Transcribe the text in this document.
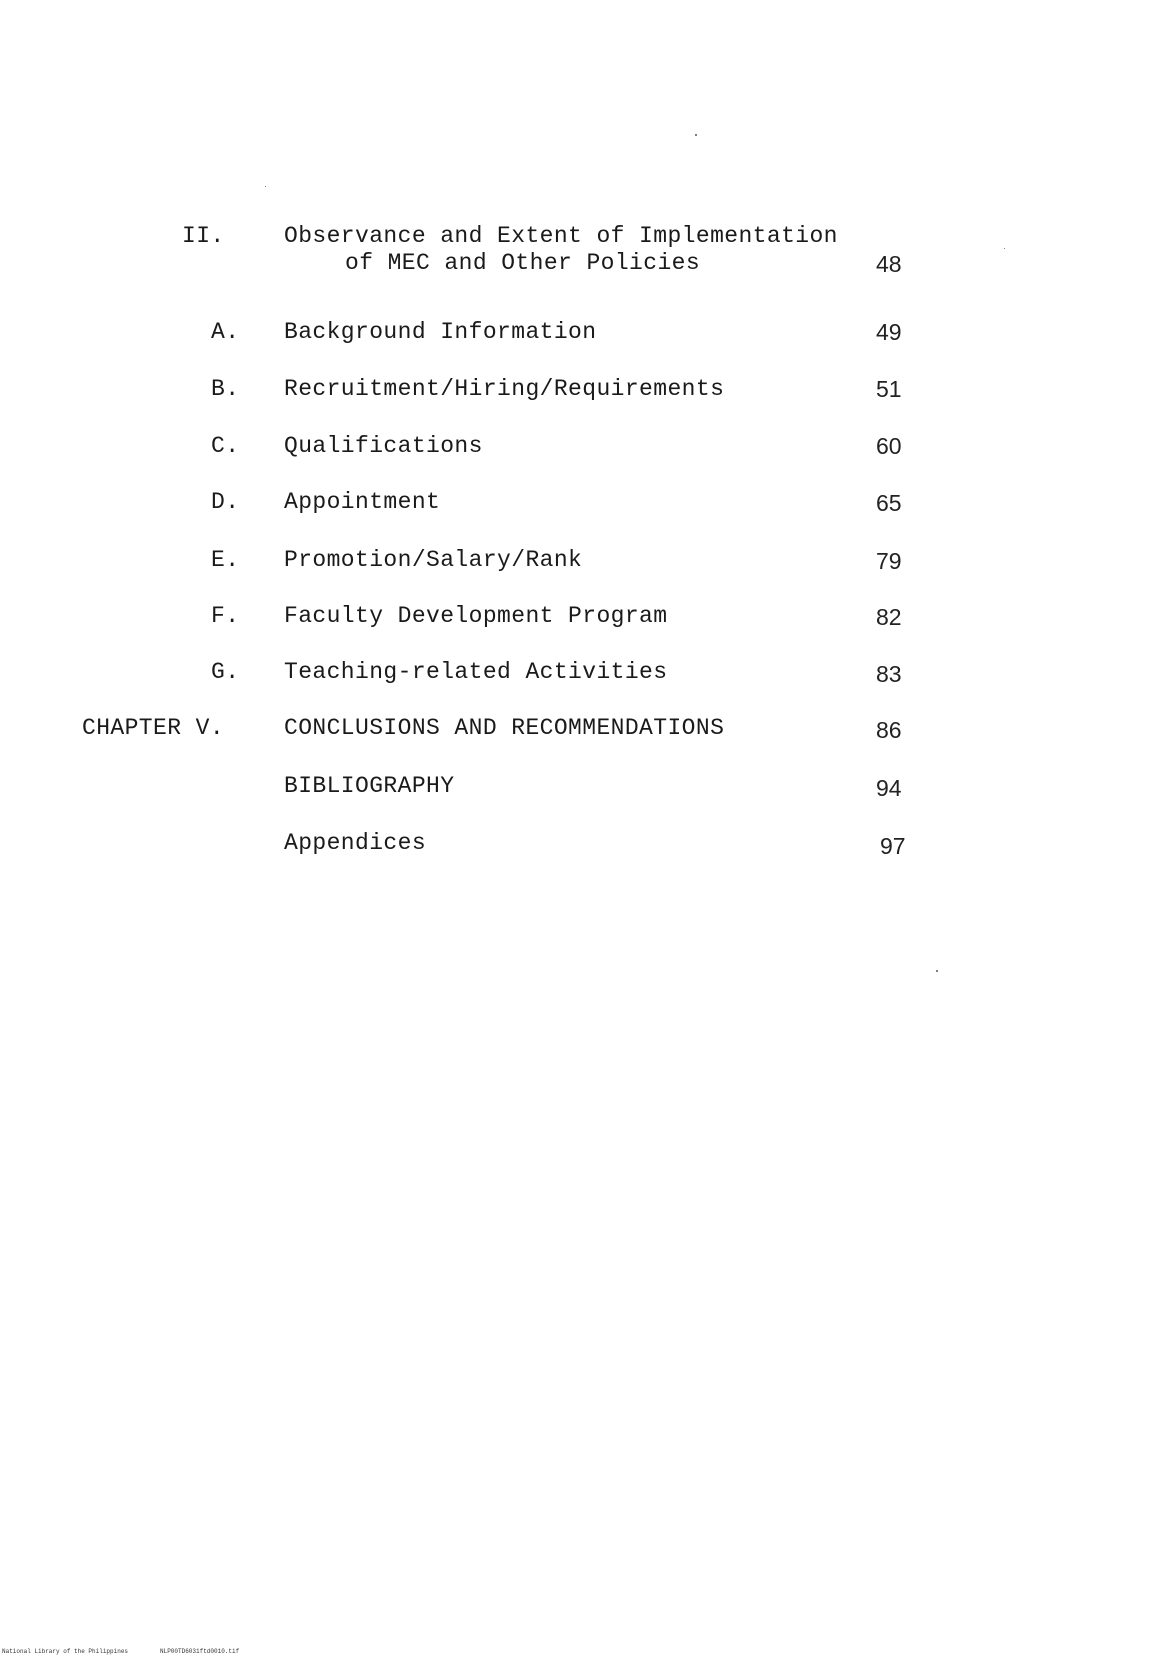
II.	Observance and Extent of Implementation
of MEC and Other Policies	48
A. Background Information	49
B. Recruitment/Hiring/Requirements	51
C. Qualifications	60
D. Appointment	65
E. Promotion/Salary/Rank	79
F. Faculty Development Program	82
G. Teaching-related Activities	83
CHAPTER V.	CONCLUSIONS AND RECOMMENDATIONS	86
BIBLIOGRAPHY	94
Appendices	97
National Library of the Philippines	NLP00TD6031ftd0010.tif
